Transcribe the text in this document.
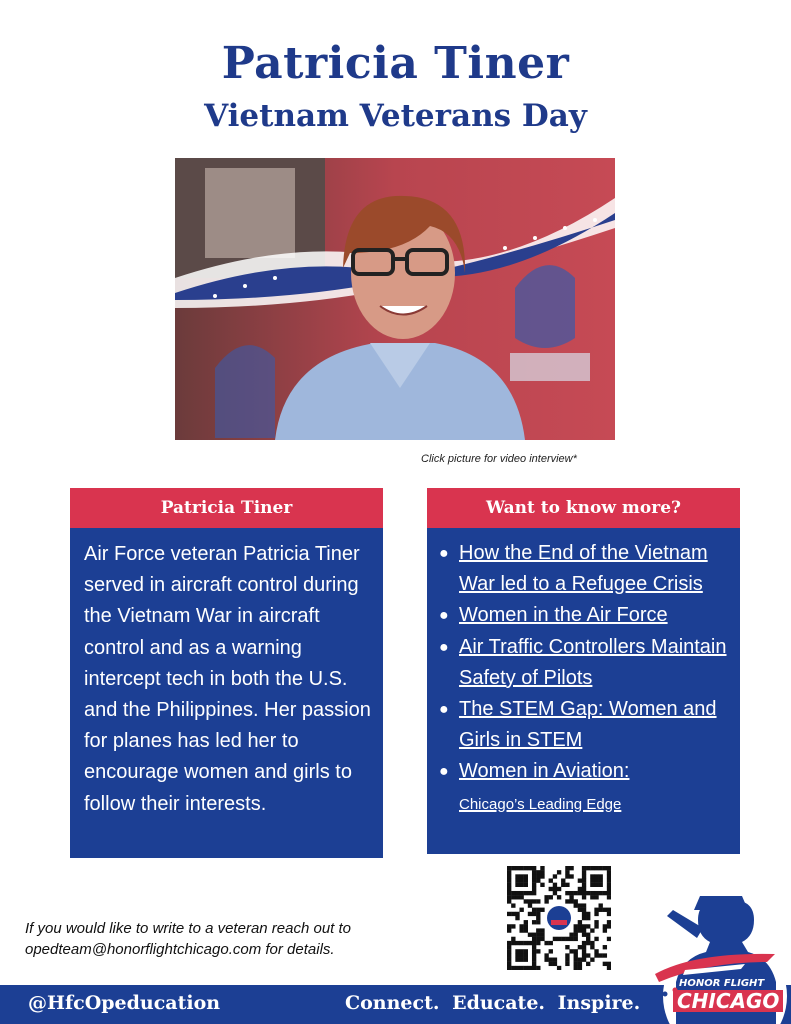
Patricia Tiner
Vietnam Veterans Day
Click picture for video interview*
Patricia Tiner
Air Force veteran Patricia Tiner served in aircraft control during the Vietnam War in aircraft control and as a warning intercept tech in both the U.S. and the Philippines. Her passion for planes has led her to encourage women and girls to follow their interests.
Want to know more?
● How the End of the Vietnam War led to a Refugee Crisis
● Women in the Air Force
● Air Traffic Controllers Maintain Safety of Pilots
● The STEM Gap: Women and Girls in STEM
● Women in Aviation:
Chicago’s Leading Edge
If you would like to write to a veteran reach out to
opedteam@honorflightchicago.com for details.
@HfcOpeducation	Connect. Educate. Inspire.
HONOR FLIGHT
CHICAGO
